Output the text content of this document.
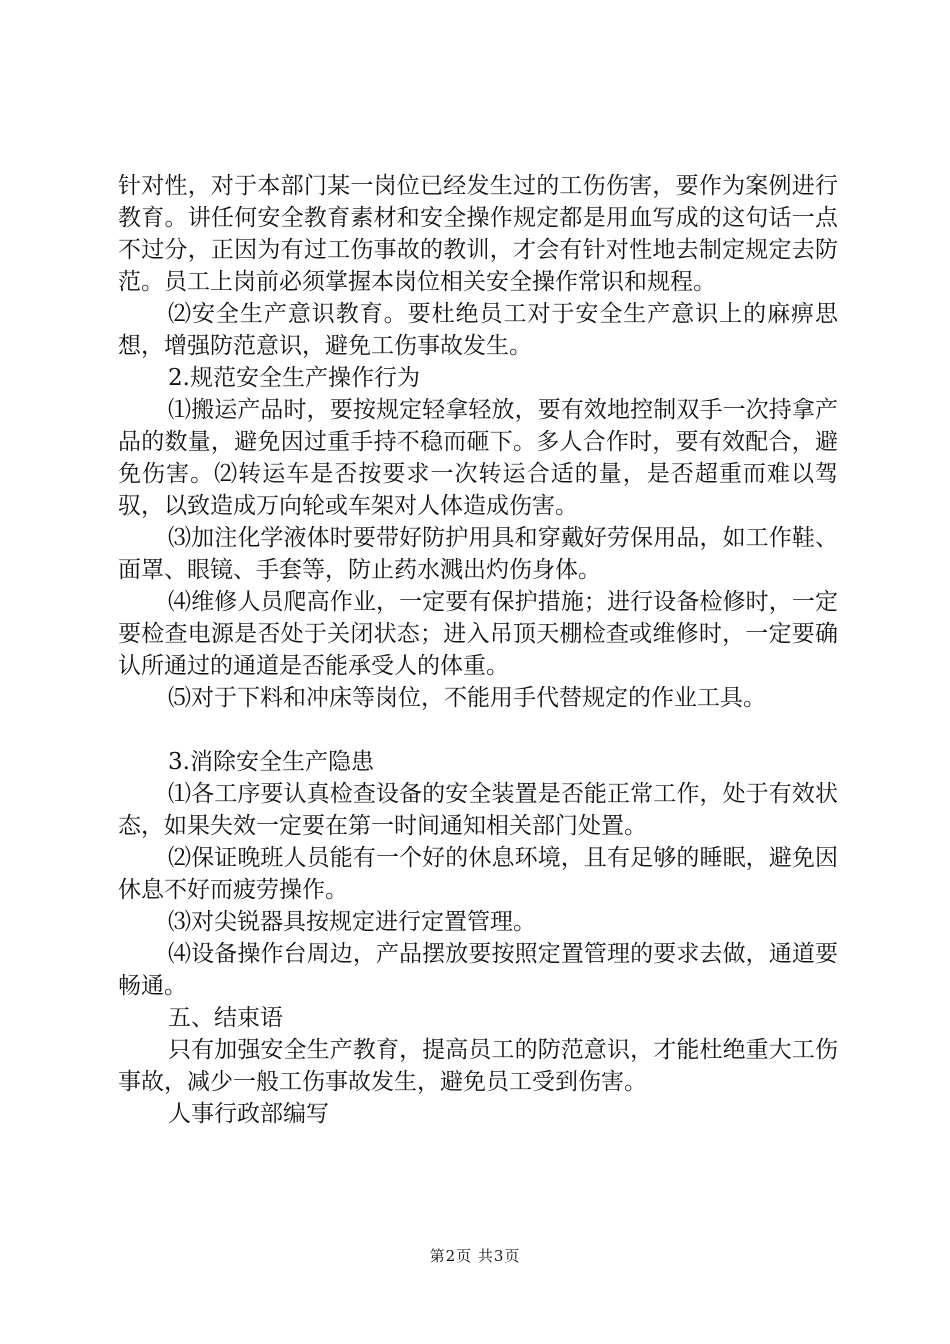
针对性，对于本部门某一岗位已经发生过的工伤伤害，要作为案例进行教育。讲任何安全教育素材和安全操作规定都是用血写成的这句话一点不过分，正因为有过工伤事故的教训，才会有针对性地去制定规定去防范。员工上岗前必须掌握本岗位相关安全操作常识和规程。

⑵安全生产意识教育。要杜绝员工对于安全生产意识上的麻痹思想，增强防范意识，避免工伤事故发生。

2.规范安全生产操作行为

⑴搬运产品时，要按规定轻拿轻放，要有效地控制双手一次持拿产品的数量，避免因过重手持不稳而砸下。多人合作时，要有效配合，避免伤害。⑵转运车是否按要求一次转运合适的量，是否超重而难以驾驭，以致造成万向轮或车架对人体造成伤害。

⑶加注化学液体时要带好防护用具和穿戴好劳保用品，如工作鞋、面罩、眼镜、手套等，防止药水溅出灼伤身体。

⑷维修人员爬高作业，一定要有保护措施；进行设备检修时，一定要检查电源是否处于关闭状态；进入吊顶天棚检查或维修时，一定要确认所通过的通道是否能承受人的体重。

⑸对于下料和冲床等岗位，不能用手代替规定的作业工具。

3.消除安全生产隐患

⑴各工序要认真检查设备的安全装置是否能正常工作，处于有效状态，如果失效一定要在第一时间通知相关部门处置。

⑵保证晚班人员能有一个好的休息环境，且有足够的睡眠，避免因休息不好而疲劳操作。

⑶对尖锐器具按规定进行定置管理。

⑷设备操作台周边，产品摆放要按照定置管理的要求去做，通道要畅通。

五、结束语

只有加强安全生产教育，提高员工的防范意识，才能杜绝重大工伤事故，减少一般工伤事故发生，避免员工受到伤害。

人事行政部编写

第2页 共3页
